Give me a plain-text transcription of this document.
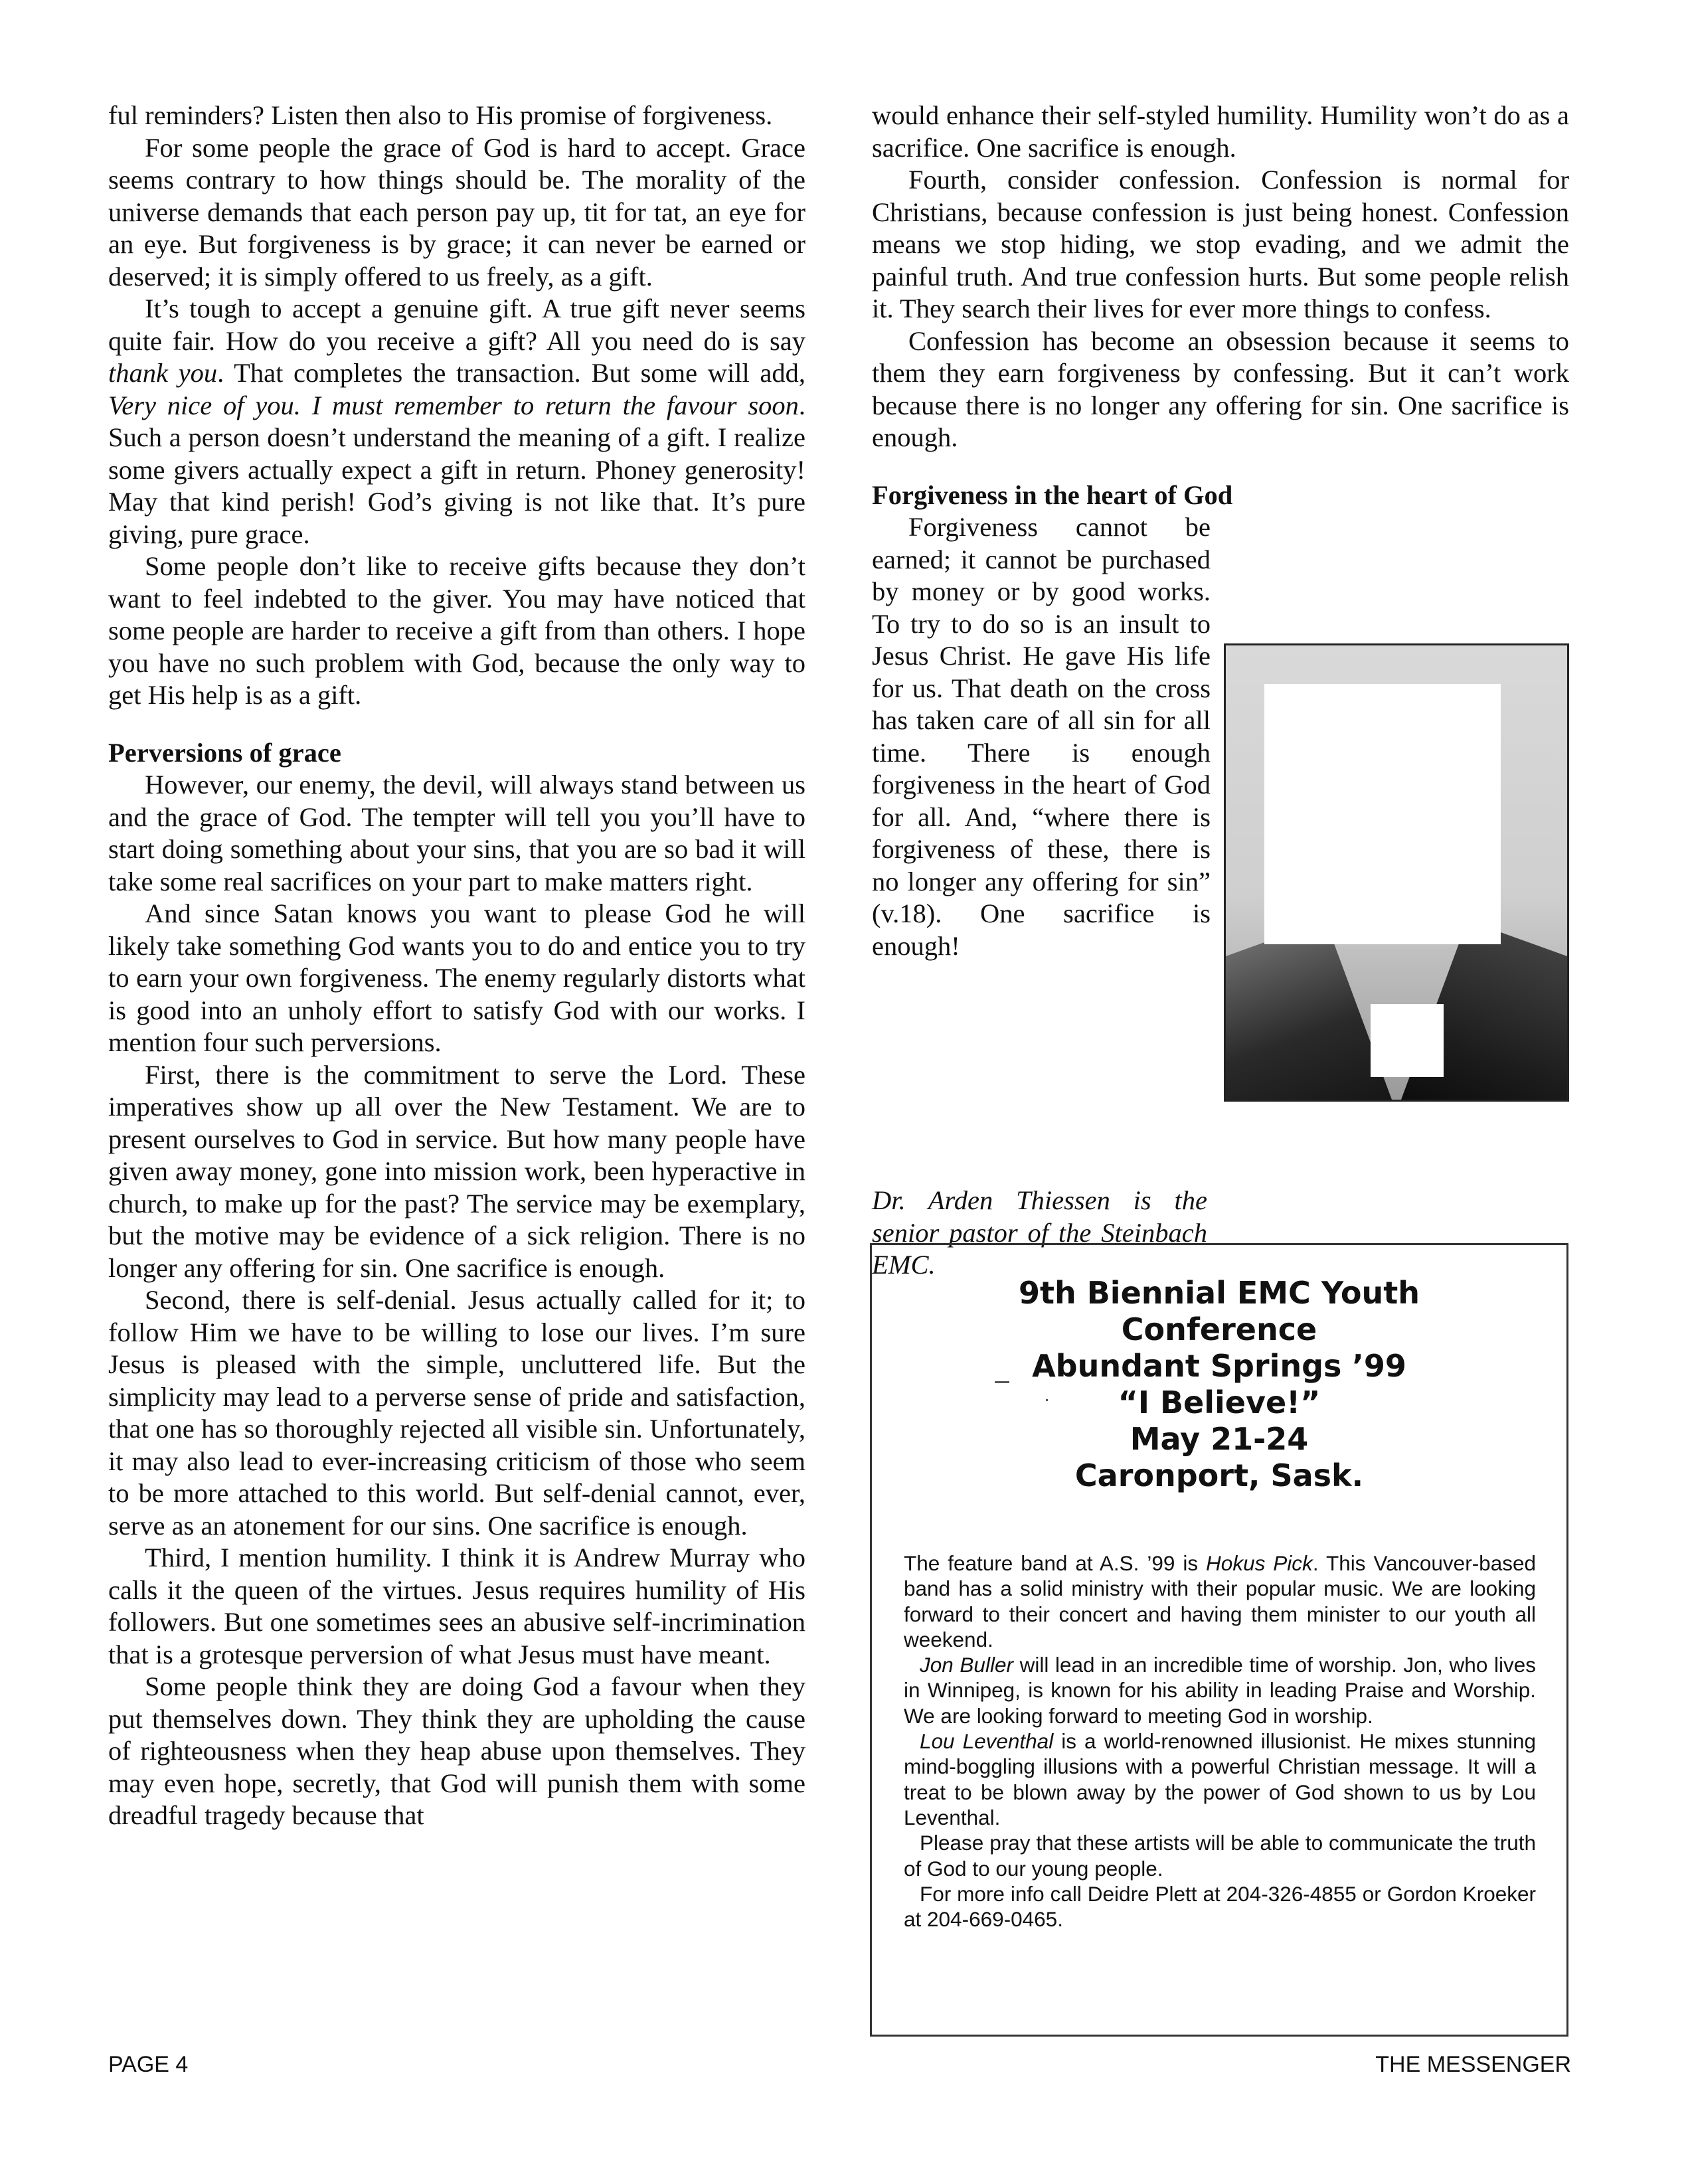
ful reminders? Listen then also to His promise of forgiveness.

For some people the grace of God is hard to accept. Grace seems contrary to how things should be. The morality of the universe demands that each person pay up, tit for tat, an eye for an eye. But forgiveness is by grace; it can never be earned or deserved; it is simply offered to us freely, as a gift.

It’s tough to accept a genuine gift. A true gift never seems quite fair. How do you receive a gift? All you need do is say thank you. That completes the transaction. But some will add, Very nice of you. I must remember to return the favour soon. Such a person doesn’t understand the meaning of a gift. I realize some givers actually expect a gift in return. Phoney generosity! May that kind perish! God’s giving is not like that. It’s pure giving, pure grace.

Some people don’t like to receive gifts because they don’t want to feel indebted to the giver. You may have noticed that some people are harder to receive a gift from than others. I hope you have no such problem with God, because the only way to get His help is as a gift.

Perversions of grace

However, our enemy, the devil, will always stand between us and the grace of God. The tempter will tell you you’ll have to start doing something about your sins, that you are so bad it will take some real sacrifices on your part to make matters right.

And since Satan knows you want to please God he will likely take something God wants you to do and entice you to try to earn your own forgiveness. The enemy regularly distorts what is good into an unholy effort to satisfy God with our works. I mention four such perversions.

First, there is the commitment to serve the Lord. These imperatives show up all over the New Testament. We are to present ourselves to God in service. But how many people have given away money, gone into mission work, been hyperactive in church, to make up for the past? The service may be exemplary, but the motive may be evidence of a sick religion. There is no longer any offering for sin. One sacrifice is enough.

Second, there is self-denial. Jesus actually called for it; to follow Him we have to be willing to lose our lives. I’m sure Jesus is pleased with the simple, uncluttered life. But the simplicity may lead to a perverse sense of pride and satisfaction, that one has so thoroughly rejected all visible sin. Unfortunately, it may also lead to ever-increasing criticism of those who seem to be more attached to this world. But self-denial cannot, ever, serve as an atonement for our sins. One sacrifice is enough.

Third, I mention humility. I think it is Andrew Murray who calls it the queen of the virtues. Jesus requires humility of His followers. But one sometimes sees an abusive self-incrimination that is a grotesque perversion of what Jesus must have meant.

Some people think they are doing God a favour when they put themselves down. They think they are upholding the cause of righteousness when they heap abuse upon themselves. They may even hope, secretly, that God will punish them with some dreadful tragedy because that

would enhance their self-styled humility. Humility won’t do as a sacrifice. One sacrifice is enough.

Fourth, consider confession. Confession is normal for Christians, because confession is just being honest. Confession means we stop hiding, we stop evading, and we admit the painful truth. And true confession hurts. But some people relish it. They search their lives for ever more things to confess.

Confession has become an obsession because it seems to them they earn forgiveness by confessing. But it can’t work because there is no longer any offering for sin. One sacrifice is enough.

Forgiveness in the heart of God

Forgiveness cannot be earned; it cannot be purchased by money or by good works. To try to do so is an insult to Jesus Christ. He gave His life for us. That death on the cross has taken care of all sin for all time. There is enough forgiveness in the heart of God for all. And, “where there is forgiveness of these, there is no longer any offering for sin” (v.18). One sacrifice is enough!

Dr. Arden Thiessen is the senior pastor of the Steinbach EMC.

9th Biennial EMC Youth
Conference
Abundant Springs ’99
“I Believe!”
May 21-24
Caronport, Sask.

The feature band at A.S. ’99 is Hokus Pick. This Vancouver-based band has a solid ministry with their popular music. We are looking forward to their concert and having them minister to our youth all weekend.

Jon Buller will lead in an incredible time of worship. Jon, who lives in Winnipeg, is known for his ability in leading Praise and Worship. We are looking forward to meeting God in worship.

Lou Leventhal is a world-renowned illusionist. He mixes stunning mind-boggling illusions with a powerful Christian message. It will a treat to be blown away by the power of God shown to us by Lou Leventhal.

Please pray that these artists will be able to communicate the truth of God to our young people.

For more info call Deidre Plett at 204-326-4855 or Gordon Kroeker at 204-669-0465.

PAGE 4	THE MESSENGER
